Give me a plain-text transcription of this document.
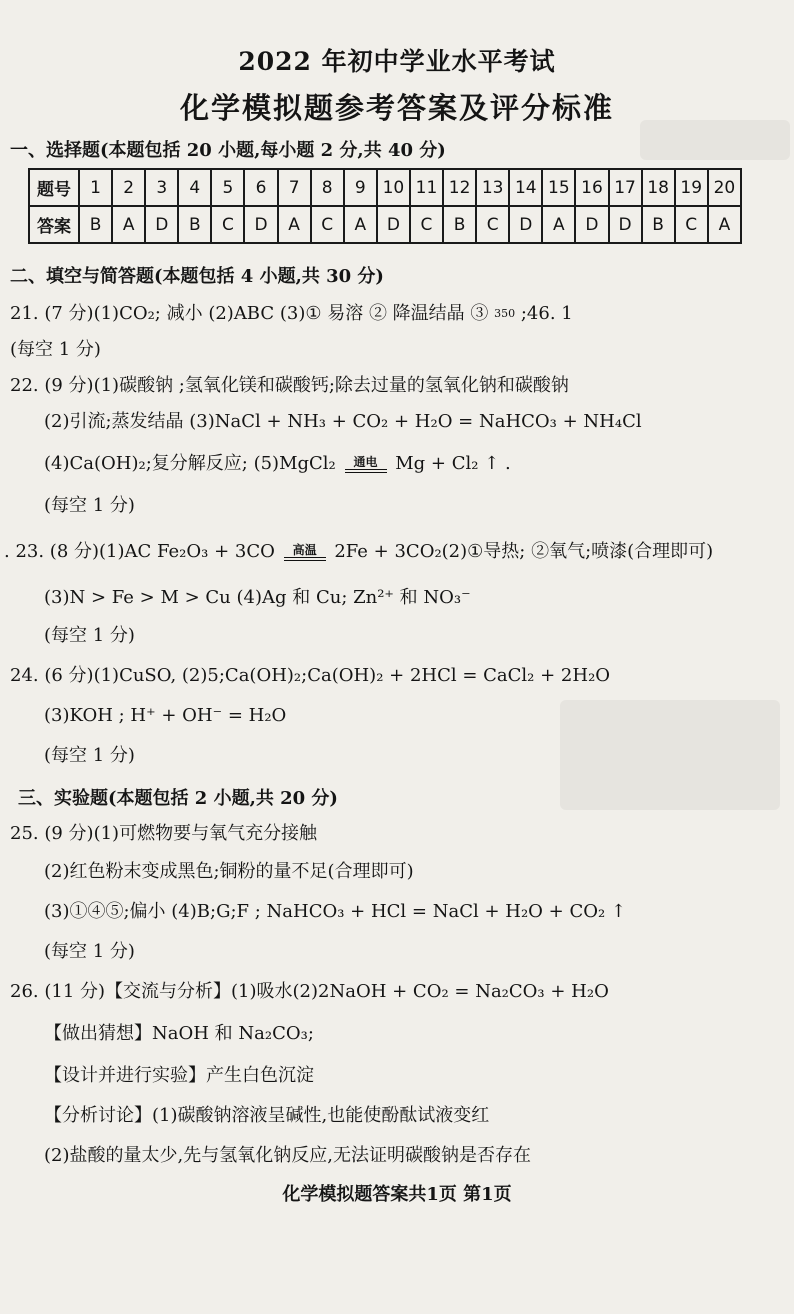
2022 年初中学业水平考试
化学模拟题参考答案及评分标准
一、选择题(本题包括 20 小题,每小题 2 分,共 40 分)
题号	1	2	3	4	5	6	7	8	9	10	11	12	13	14	15	16	17	18	19	20
答案	B	A	D	B	C	D	A	C	A	D	C	B	C	D	A	D	D	B	C	A
二、填空与简答题(本题包括 4 小题,共 30 分)
21. (7 分)(1)CO₂; 减小 (2)ABC (3)① 易溶 ② 降温结晶 ③ 350 ;46. 1
(每空 1 分)
22. (9 分)(1)碳酸钠 ;氢氧化镁和碳酸钙;除去过量的氢氧化钠和碳酸钠
(2)引流;蒸发结晶 (3)NaCl + NH₃ + CO₂ + H₂O = NaHCO₃ + NH₄Cl
(4)Ca(OH)₂;复分解反应; (5)MgCl₂	通电 Mg + Cl₂ ↑ .
(每空 1 分)
. 23. (8 分)(1)AC Fe₂O₃ + 3CO	高温 2Fe + 3CO₂(2)①导热; ②氧气;喷漆(合理即可)
(3)N > Fe > M > Cu (4)Ag 和 Cu; Zn²⁺ 和 NO₃⁻
(每空 1 分)
24. (6 分)(1)CuSO, (2)5;Ca(OH)₂;Ca(OH)₂ + 2HCl = CaCl₂ + 2H₂O
(3)KOH ; H⁺ + OH⁻ = H₂O
(每空 1 分)
三、实验题(本题包括 2 小题,共 20 分)
25. (9 分)(1)可燃物要与氧气充分接触
(2)红色粉末变成黑色;铜粉的量不足(合理即可)
(3)①④⑤;偏小 (4)B;G;F ; NaHCO₃ + HCl = NaCl + H₂O + CO₂ ↑
(每空 1 分)
26. (11 分)【交流与分析】(1)吸水(2)2NaOH + CO₂ = Na₂CO₃ + H₂O
【做出猜想】NaOH 和 Na₂CO₃;
【设计并进行实验】产生白色沉淀
【分析讨论】(1)碳酸钠溶液呈碱性,也能使酚酞试液变红
(2)盐酸的量太少,先与氢氧化钠反应,无法证明碳酸钠是否存在
化学模拟题答案共1页 第1页
